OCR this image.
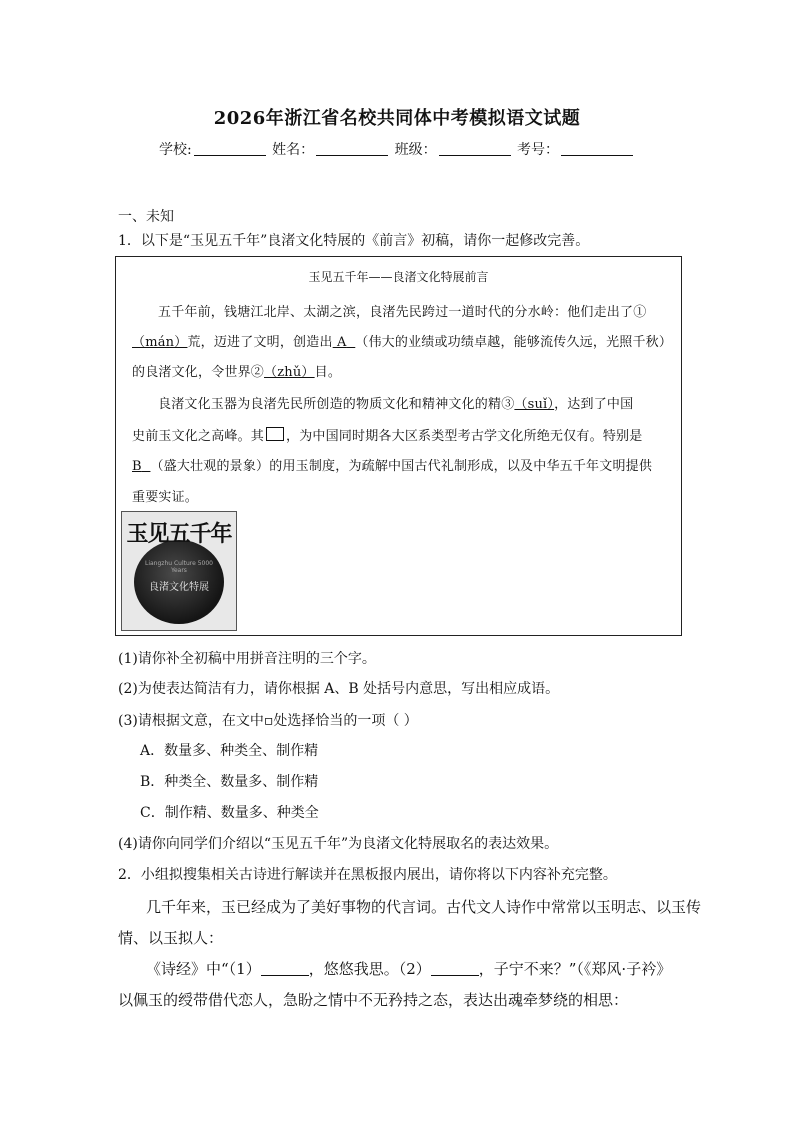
2026年浙江省名校共同体中考模拟语文试题
学校:	姓名：	班级：	考号：
一、未知
1．以下是“玉见五千年”良渚文化特展的《前言》初稿，请你一起修改完善。
玉见五千年——良渚文化特展前言
五千年前，钱塘江北岸、太湖之滨，良渚先民跨过一道时代的分水岭：他们走出了①
（mán）荒，迈进了文明，创造出 A （伟大的业绩或功绩卓越，能够流传久远，光照千秋）
的良渚文化，令世界②（zhǔ）目。
良渚文化玉器为良渚先民所创造的物质文化和精神文化的精③（suǐ），达到了中国
史前玉文化之高峰。其 ，为中国同时期各大区系类型考古学文化所绝无仅有。特别是
B （盛大壮观的景象）的用玉制度，为疏解中国古代礼制形成，以及中华五千年文明提供
重要实证。
玉见五千年
Liangzhu Culture 5000 Years
良渚文化特展
(1)请你补全初稿中用拼音注明的三个字。
(2)为使表达简洁有力，请你根据 A、B 处括号内意思，写出相应成语。
(3)请根据文意，在文中▫处选择恰当的一项（ ）
A．数量多、种类全、制作精
B．种类全、数量多、制作精
C．制作精、数量多、种类全
(4)请你向同学们介绍以“玉见五千年”为良渚文化特展取名的表达效果。
2．小组拟搜集相关古诗进行解读并在黑板报内展出，请你将以下内容补充完整。
几千年来，玉已经成为了美好事物的代言词。古代文人诗作中常常以玉明志、以玉传
情、以玉拟人：
《诗经》中“（1）	，悠悠我思。（2）	，子宁不来？”（《郑风·子衿》
以佩玉的绶带借代恋人，急盼之情中不无矜持之态，表达出魂牵梦绕的相思：
